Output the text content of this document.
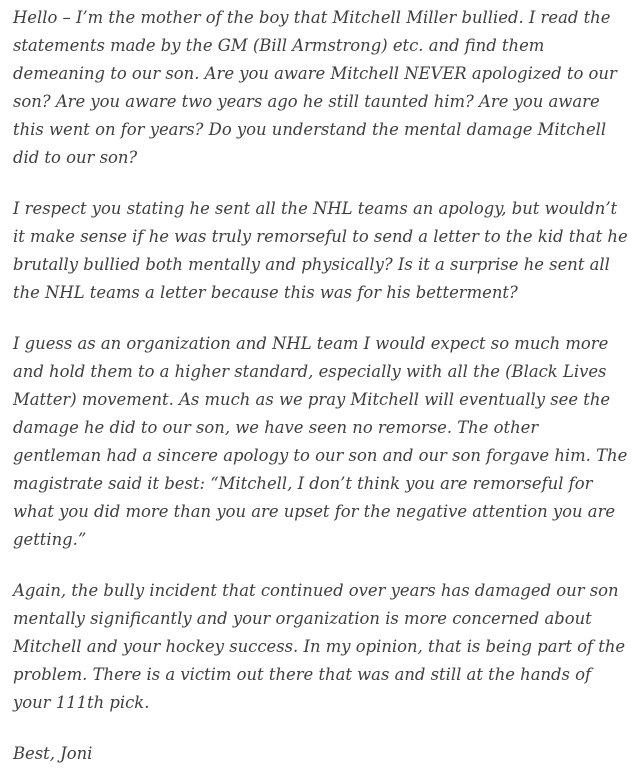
Hello – I’m the mother of the boy that Mitchell Miller bullied. I read the statements made by the GM (Bill Armstrong) etc. and find them demeaning to our son. Are you aware Mitchell NEVER apologized to our son? Are you aware two years ago he still taunted him? Are you aware this went on for years? Do you understand the mental damage Mitchell did to our son?

I respect you stating he sent all the NHL teams an apology, but wouldn’t it make sense if he was truly remorseful to send a letter to the kid that he brutally bullied both mentally and physically? Is it a surprise he sent all the NHL teams a letter because this was for his betterment?

I guess as an organization and NHL team I would expect so much more and hold them to a higher standard, especially with all the (Black Lives Matter) movement. As much as we pray Mitchell will eventually see the damage he did to our son, we have seen no remorse. The other gentleman had a sincere apology to our son and our son forgave him. The magistrate said it best: “Mitchell, I don’t think you are remorseful for what you did more than you are upset for the negative attention you are getting.”

Again, the bully incident that continued over years has damaged our son mentally significantly and your organization is more concerned about Mitchell and your hockey success. In my opinion, that is being part of the problem. There is a victim out there that was and still at the hands of your 111th pick.

Best, Joni
